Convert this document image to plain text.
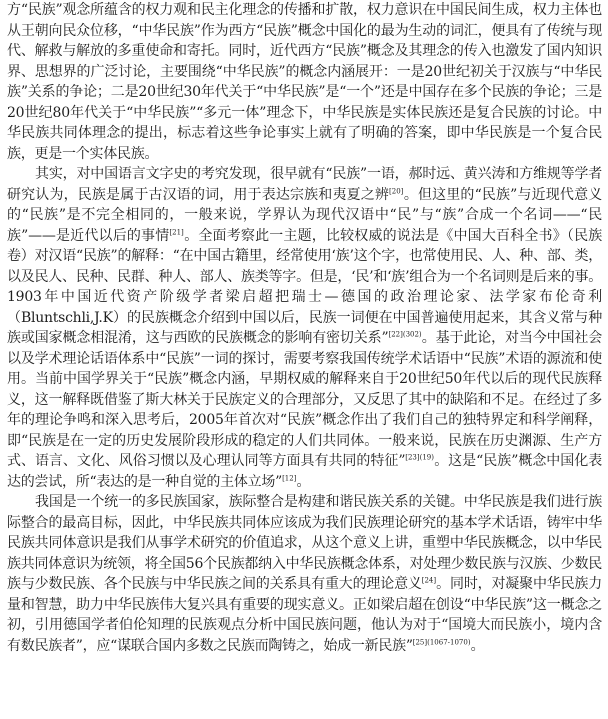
方“民族”观念所蕴含的权力观和民主化理念的传播和扩散，权力意识在中国民间生成，权力主体也从王朝向民众位移，“中华民族”作为西方“民族”概念中国化的最为生动的词汇，便具有了传统与现代、解救与解放的多重使命和寄托。同时，近代西方“民族”概念及其理念的传入也激发了国内知识界、思想界的广泛讨论，主要围绕“中华民族”的概念内涵展开：一是20世纪初关于汉族与“中华民族”关系的争论；二是20世纪30年代关于“中华民族”是“一个”还是中国存在多个民族的争论；三是20世纪80年代关于“中华民族”“多元一体”理念下，中华民族是实体民族还是复合民族的讨论。中华民族共同体理念的提出，标志着这些争论事实上就有了明确的答案，即中华民族是一个复合民族，更是一个实体民族。

其实，对中国语言文字史的考究发现，很早就有“民族”一语，郝时远、黄兴涛和方维规等学者研究认为，民族是属于古汉语的词，用于表达宗族和夷夏之辨[20]。但这里的“民族”与近现代意义的“民族”是不完全相同的，一般来说，学界认为现代汉语中“民”与“族”合成一个名词——“民族”——是近代以后的事情[21]。全面考察此一主题，比较权威的说法是《中国大百科全书》（民族卷）对汉语“民族”的解释：“在中国古籍里，经常使用‘族’这个字，也常使用民、人、种、部、类，以及民人、民种、民群、种人、部人、族类等字。但是，‘民’和‘族’组合为一个名词则是后来的事。1903年中国近代资产阶级学者梁启超把瑞士—德国的政治理论家、法学家布伦奇利（Bluntschli,J.K）的民族概念介绍到中国以后，民族一词便在中国普遍使用起来，其含义常与种族或国家概念相混淆，这与西欧的民族概念的影响有密切关系”$^{[22](302)}$。基于此论，对当今中国社会以及学术理论话语体系中“民族”一词的探讨，需要考察我国传统学术话语中“民族”术语的源流和使用。当前中国学界关于“民族”概念内涵，早期权威的解释来自于20世纪50年代以后的现代民族释义，这一解释既借鉴了斯大林关于民族定义的合理部分，又反思了其中的缺陷和不足。在经过了多年的理论争鸣和深入思考后，2005年首次对“民族”概念作出了我们自己的独特界定和科学阐释，即“民族是在一定的历史发展阶段形成的稳定的人们共同体。一般来说，民族在历史渊源、生产方式、语言、文化、风俗习惯以及心理认同等方面具有共同的特征”$^{[23](19)}$。这是“民族”概念中国化表达的尝试，所“表达的是一种自觉的主体立场”[12]。

我国是一个统一的多民族国家，族际整合是构建和谐民族关系的关键。中华民族是我们进行族际整合的最高目标，因此，中华民族共同体应该成为我们民族理论研究的基本学术话语，铸牢中华民族共同体意识是我们从事学术研究的价值追求，从这个意义上讲，重塑中华民族概念，以中华民族共同体意识为统领，将全国56个民族都纳入中华民族概念体系，对处理少数民族与汉族、少数民族与少数民族、各个民族与中华民族之间的关系具有重大的理论意义[24]。同时，对凝聚中华民族力量和智慧，助力中华民族伟大复兴具有重要的现实意义。正如梁启超在创设“中华民族”这一概念之初，引用德国学者伯伦知理的民族观点分析中国民族问题，他认为对于“国境大而民族小，境内含有数民族者”，应“谋联合国内多数之民族而陶铸之，始成一新民族”$^{[25](1067-1070)}$。
